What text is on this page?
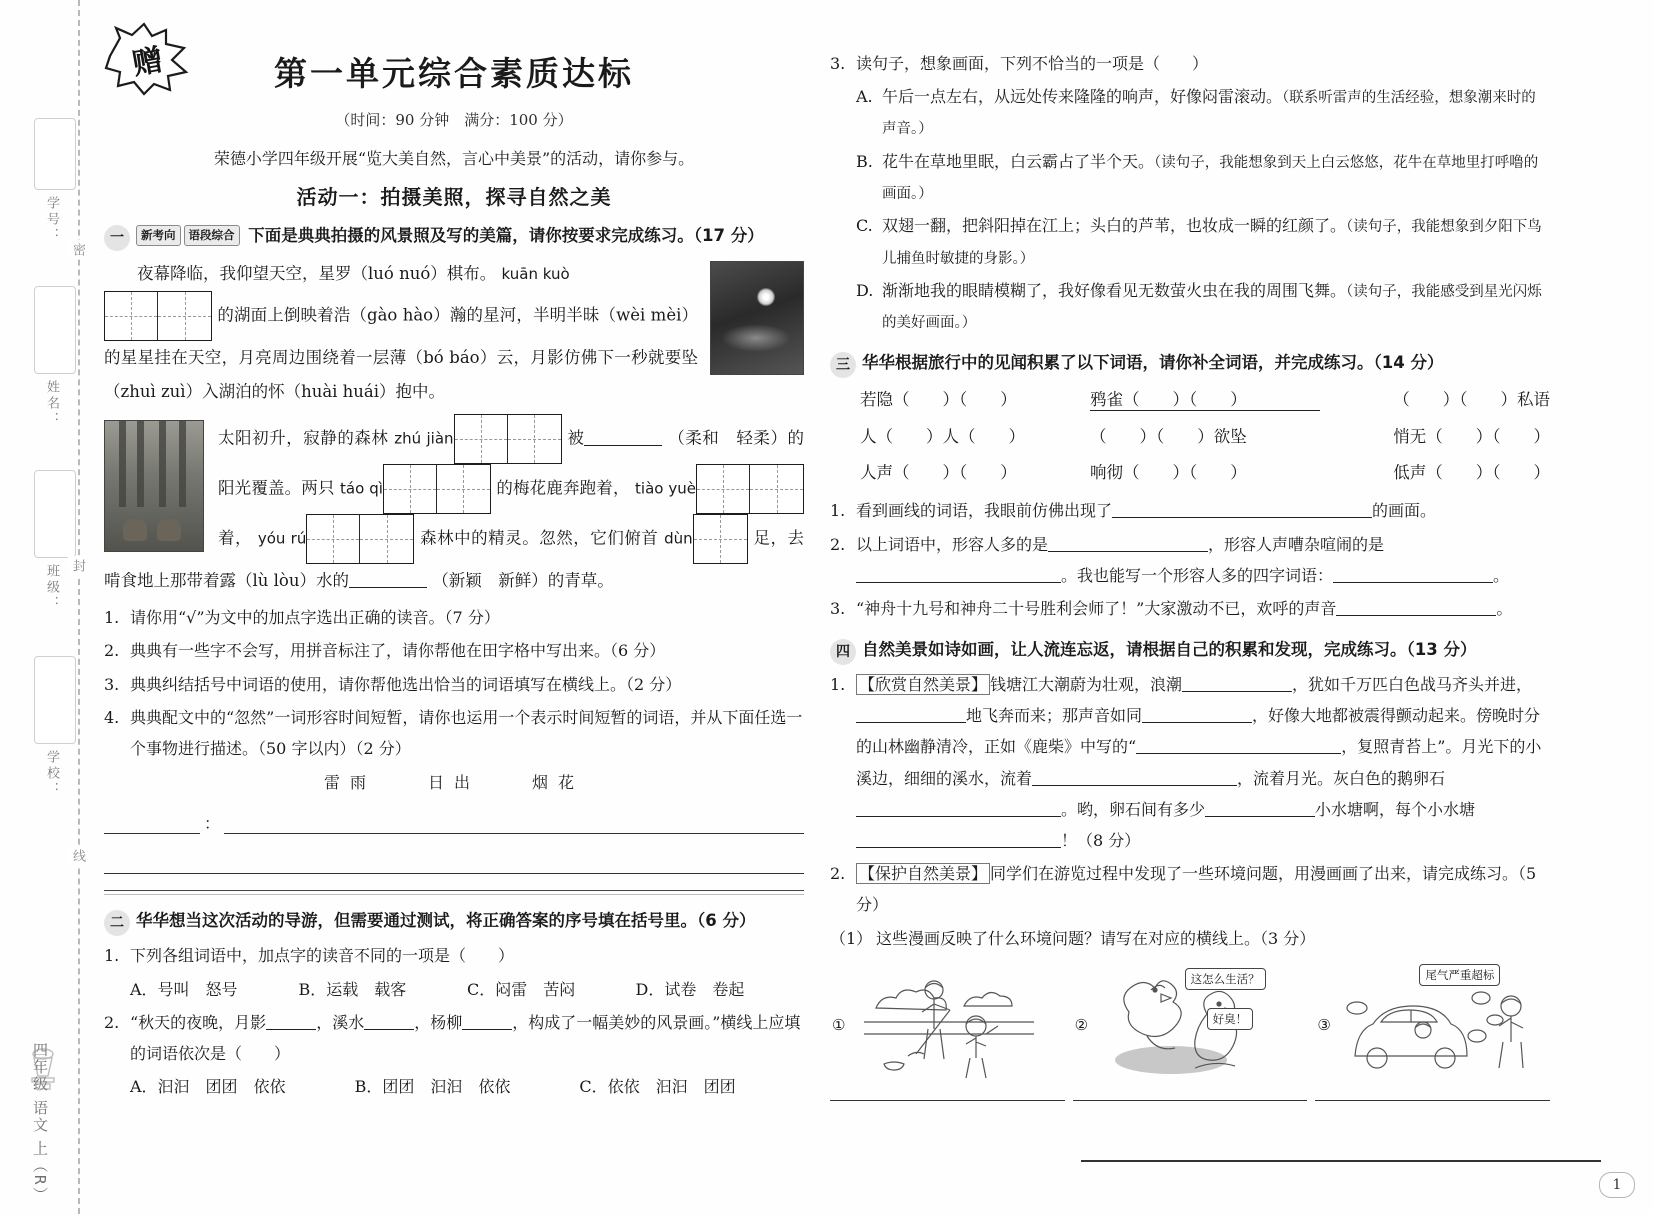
学号：
姓名：
班级：
学校：
密
封
线
四年级 语文 上（R）
赠	第一单元综合素质达标
（时间：90 分钟　满分：100 分）
荣德小学四年级开展“览大美自然，言心中美景”的活动，请你参与。
活动一：拍摄美照，探寻自然之美
一	新考向 语段综合 下面是典典拍摄的风景照及写的美篇，请你按要求完成练习。（17 分）
夜幕降临，我仰望天空，星罗（luó nuó）棋布。 kuān kuò

的湖面上倒映着浩（gào hào）瀚的星河，半明半昧（wèi mèi）的星星挂在天空，月亮周边围绕着一层薄（bó báo）云，月影仿佛下一秒就要坠（zhuì zuì）入湖泊的怀（huài huái）抱中。
太阳初升，寂静的森林 zhú jiàn	被	（柔和　轻柔）的阳光覆盖。两只 táo qì	的梅花鹿奔跑着， tiào yuè
着， yóu rú	森林中的精灵。忽然，它们俯首 dùn	足，去啃食地上那带着露（lù lòu）水的	（新颖　新鲜）的青草。
1. 请你用“√”为文中的加点字选出正确的读音。（7 分）
2. 典典有一些字不会写，用拼音标注了，请你帮他在田字格中写出来。（6 分）
3. 典典纠结括号中词语的使用，请你帮他选出恰当的词语填写在横线上。（2 分）
4. 典典配文中的“忽然”一词形容时间短暂，请你也运用一个表示时间短暂的词语，并从下面任选一个事物进行描述。（50 字以内）（2 分）
雷雨　　日出　　烟花
：
二 华华想当这次活动的导游，但需要通过测试，将正确答案的序号填在括号里。（6 分）
1. 下列各组词语中，加点字的读音不同的一项是（　　）
A．号叫　怒号	B．运载　载客	C．闷雷　苦闷	D．试卷　卷起
2. “秋天的夜晚，月影	，溪水	，杨柳	，构成了一幅美妙的风景画。”横线上应填的词语依次是（　　）
A．汩汩　团团　依依	B．团团　汩汩　依依	C．依依　汩汩　团团
3. 读句子，想象画面，下列不恰当的一项是（　　）
A. 午后一点左右，从远处传来隆隆的响声，好像闷雷滚动。（联系听雷声的生活经验，想象潮来时的声音。）
B. 花牛在草地里眠，白云霸占了半个天。（读句子，我能想象到天上白云悠悠，花牛在草地里打呼噜的画面。）
C. 双翅一翻，把斜阳掉在江上；头白的芦苇，也妆成一瞬的红颜了。（读句子，我能想象到夕阳下鸟儿捕鱼时敏捷的身影。）
D. 渐渐地我的眼睛模糊了，我好像看见无数萤火虫在我的周围飞舞。（读句子，我能感受到星光闪烁的美好画面。）
三 华华根据旅行中的见闻积累了以下词语，请你补全词语，并完成练习。（14 分）
若隐（　　）（　　）	鸦雀（　　）（　　）	（　　）（　　）私语
人（　　）人（　　）	（　　）（　　）欲坠	悄无（　　）（　　）
人声（　　）（　　）	响彻（　　）（　　）	低声（　　）（　　）
1. 看到画线的词语，我眼前仿佛出现了	的画面。
2. 以上词语中，形容人多的是	，形容人声嘈杂喧闹的是。我也能写一个形容人多的四字词语：	。
3. “神舟十九号和神舟二十号胜利会师了！”大家激动不已，欢呼的声音	。
四 自然美景如诗如画，让人流连忘返，请根据自己的积累和发现，完成练习。（13 分）
1. 【欣赏自然美景】 钱塘江大潮蔚为壮观，浪潮	，犹如千万匹白色战马齐头并进，地飞奔而来；那声音如同	，好像大地都被震得颤动起来。傍晚时分的山林幽静清冷，正如《鹿柴》中写的“	，复照青苔上”。月光下的小溪边，细细的溪水，流着	，流着月光。灰白色的鹅卵石。哟，卵石间有多少	小水塘啊，每个小水塘！（8 分）
2. 【保护自然美景】 同学们在游览过程中发现了一些环境问题，用漫画画了出来，请完成练习。（5 分）
（1） 这些漫画反映了什么环境问题？请写在对应的横线上。（3 分）
①	②
这怎么生活？
好臭！	③
尾气严重超标
1
